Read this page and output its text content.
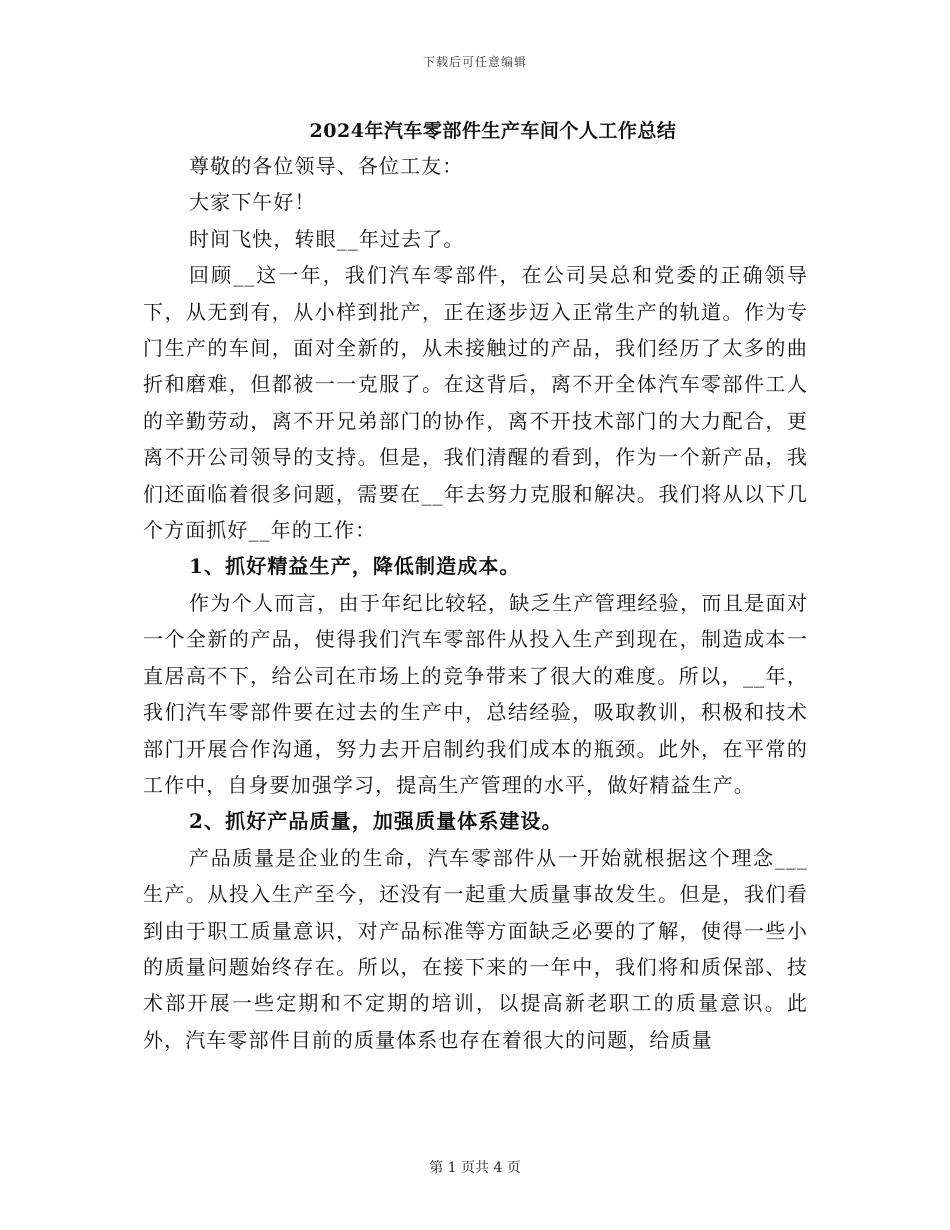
下载后可任意编辑
2024年汽车零部件生产车间个人工作总结

尊敬的各位领导、各位工友：

大家下午好！

时间飞快，转眼__年过去了。

回顾__这一年，我们汽车零部件，在公司吴总和党委的正确领导下，从无到有，从小样到批产，正在逐步迈入正常生产的轨道。作为专门生产的车间，面对全新的，从未接触过的产品，我们经历了太多的曲折和磨难，但都被一一克服了。在这背后，离不开全体汽车零部件工人的辛勤劳动，离不开兄弟部门的协作，离不开技术部门的大力配合，更离不开公司领导的支持。但是，我们清醒的看到，作为一个新产品，我们还面临着很多问题，需要在__年去努力克服和解决。我们将从以下几个方面抓好__年的工作：

1、抓好精益生产，降低制造成本。

作为个人而言，由于年纪比较轻，缺乏生产管理经验，而且是面对一个全新的产品，使得我们汽车零部件从投入生产到现在，制造成本一直居高不下，给公司在市场上的竞争带来了很大的难度。所以，__年，我们汽车零部件要在过去的生产中，总结经验，吸取教训，积极和技术部门开展合作沟通，努力去开启制约我们成本的瓶颈。此外，在平常的工作中，自身要加强学习，提高生产管理的水平，做好精益生产。

2、抓好产品质量，加强质量体系建设。

产品质量是企业的生命，汽车零部件从一开始就根据这个理念___生产。从投入生产至今，还没有一起重大质量事故发生。但是，我们看到由于职工质量意识，对产品标准等方面缺乏必要的了解，使得一些小的质量问题始终存在。所以，在接下来的一年中，我们将和质保部、技术部开展一些定期和不定期的培训，以提高新老职工的质量意识。此外，汽车零部件目前的质量体系也存在着很大的问题，给质量

第 1 页共 4 页
